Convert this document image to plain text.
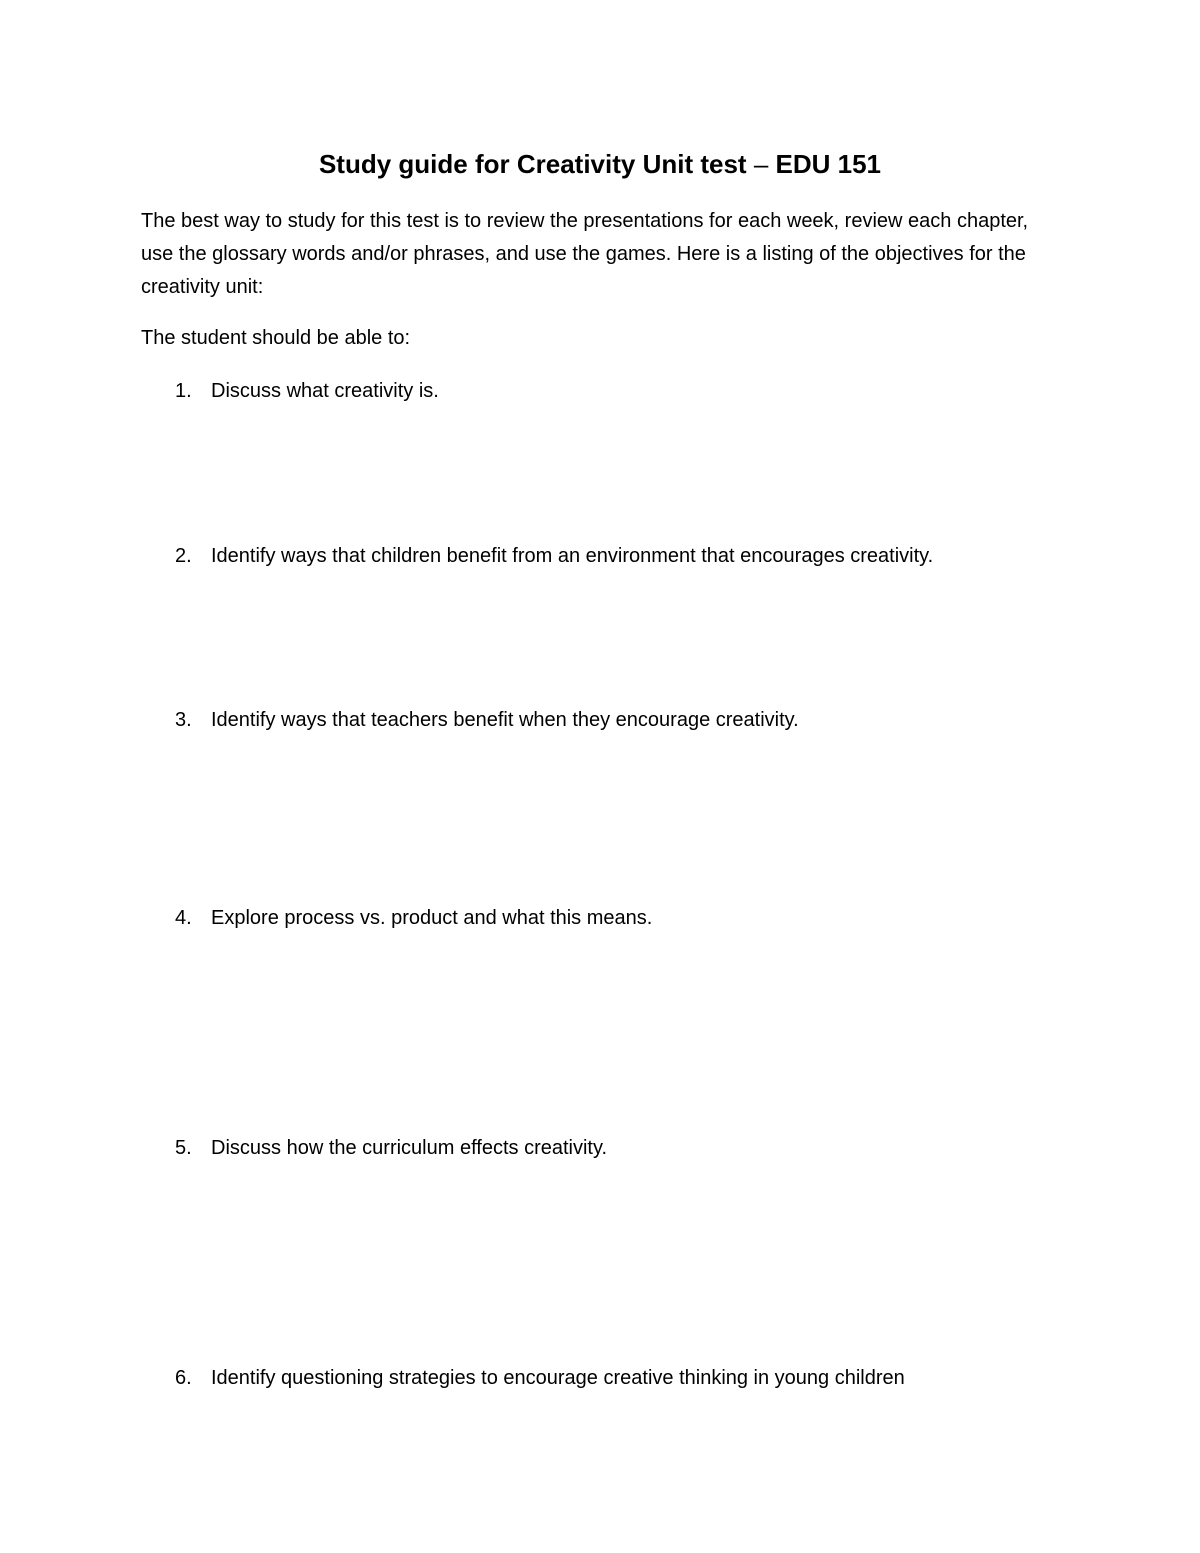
Study guide for Creativity Unit test – EDU 151

The best way to study for this test is to review the presentations for each week, review each chapter, use the glossary words and/or phrases, and use the games. Here is a listing of the objectives for the creativity unit:

The student should be able to:

1. Discuss what creativity is.
2. Identify ways that children benefit from an environment that encourages creativity.
3. Identify ways that teachers benefit when they encourage creativity.
4. Explore process vs. product and what this means.
5. Discuss how the curriculum effects creativity.
6. Identify questioning strategies to encourage creative thinking in young children
